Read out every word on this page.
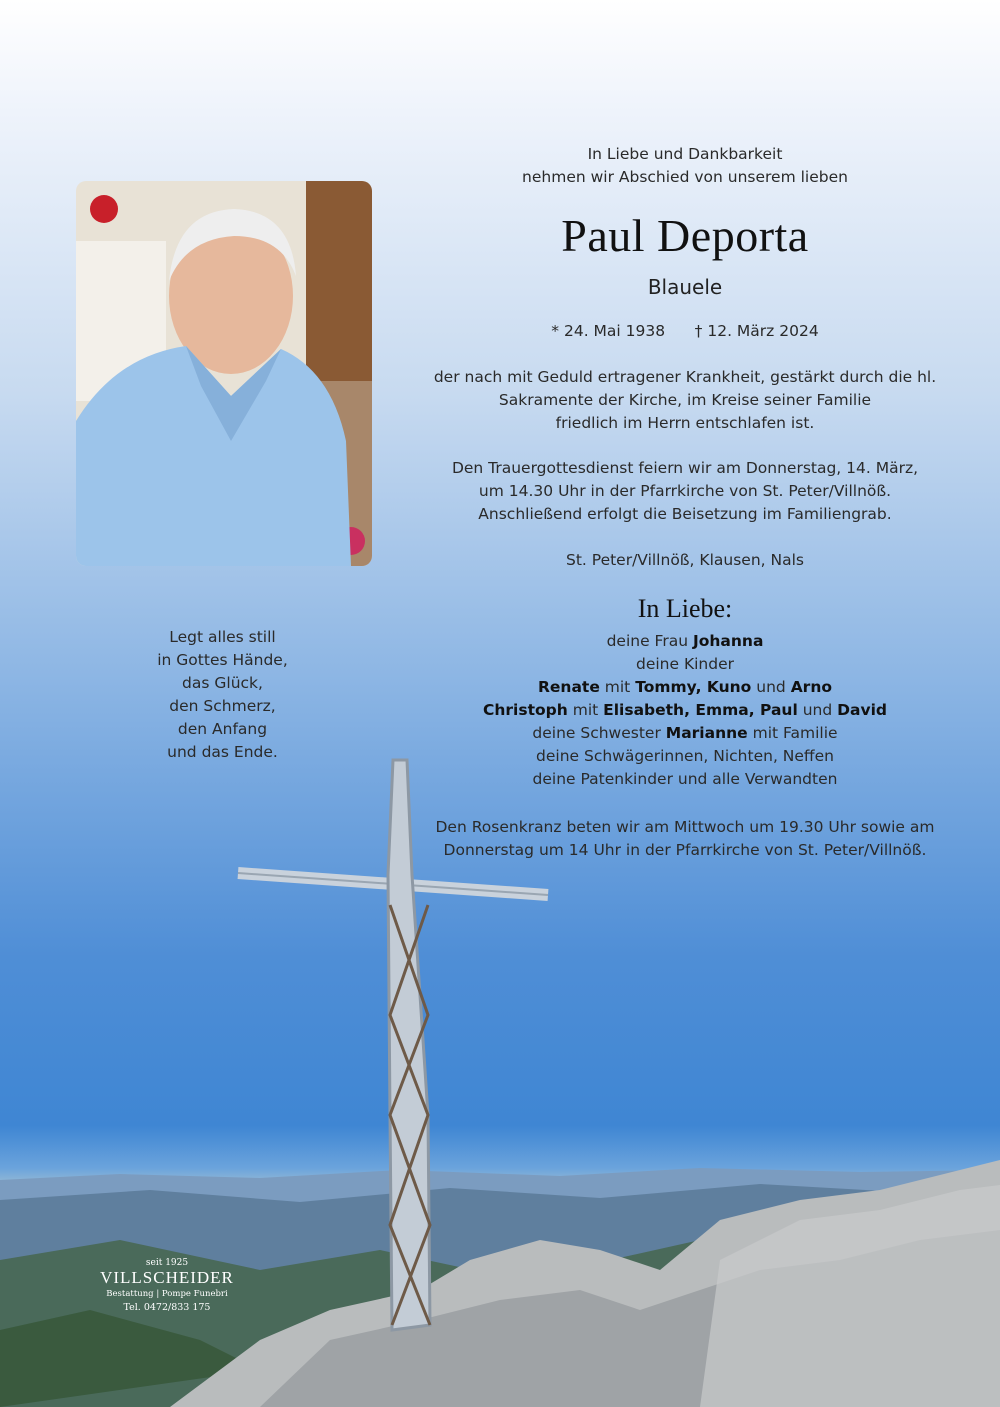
In Liebe und Dankbarkeit
nehmen wir Abschied von unserem lieben
Paul Deporta
Blauele
* 24. Mai 1938 † 12. März 2024
der nach mit Geduld ertragener Krankheit, gestärkt durch die hl.
Sakramente der Kirche, im Kreise seiner Familie
friedlich im Herrn entschlafen ist.
Den Trauergottesdienst feiern wir am Donnerstag, 14. März,
um 14.30 Uhr in der Pfarrkirche von St. Peter/Villnöß.
Anschließend erfolgt die Beisetzung im Familiengrab.
St. Peter/Villnöß, Klausen, Nals
In Liebe:
deine Frau Johanna
deine Kinder
Renate mit Tommy, Kuno und Arno
Christoph mit Elisabeth, Emma, Paul und David
deine Schwester Marianne mit Familie
deine Schwägerinnen, Nichten, Neffen
deine Patenkinder und alle Verwandten
Den Rosenkranz beten wir am Mittwoch um 19.30 Uhr sowie am
Donnerstag um 14 Uhr in der Pfarrkirche von St. Peter/Villnöß.
Legt alles still
in Gottes Hände,
das Glück,
den Schmerz,
den Anfang
und das Ende.
seit 1925
VILLSCHEIDER
Bestattung | Pompe Funebri
Tel. 0472/833 175
